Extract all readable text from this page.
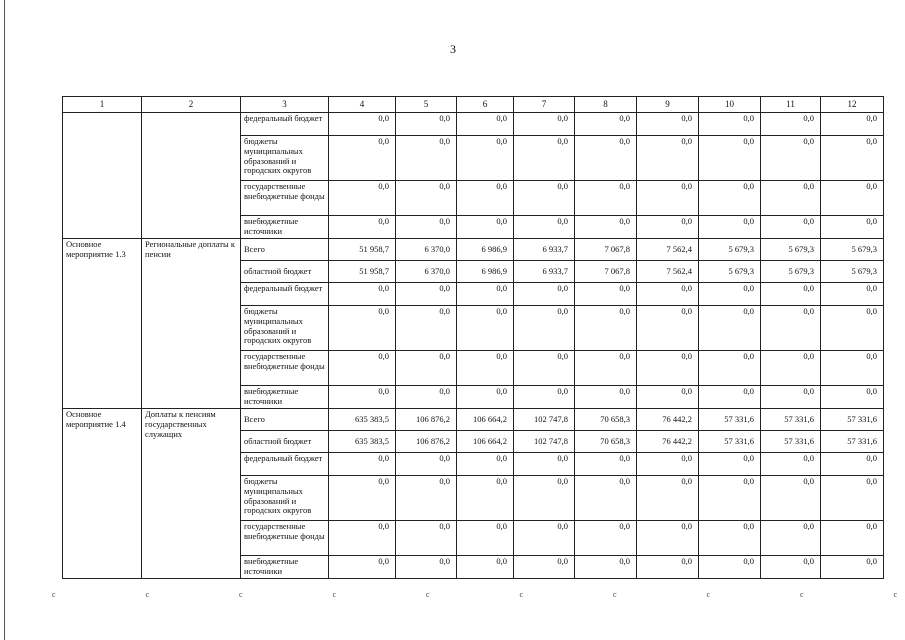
3
1	2	3	4	5	6	7	8	9	10	11	12
		федеральный бюджет	0,0	0,0	0,0	0,0	0,0	0,0	0,0	0,0	0,0
		бюджеты муниципальных образований и городских округов	0,0	0,0	0,0	0,0	0,0	0,0	0,0	0,0	0,0
		государственные внебюджетные фонды	0,0	0,0	0,0	0,0	0,0	0,0	0,0	0,0	0,0
		внебюджетные источники	0,0	0,0	0,0	0,0	0,0	0,0	0,0	0,0	0,0
Основное мероприятие 1.3	Региональные доплаты к пенсии	Всего	51 958,7	6 370,0	6 986,9	6 933,7	7 067,8	7 562,4	5 679,3	5 679,3	5 679,3
		областной бюджет	51 958,7	6 370,0	6 986,9	6 933,7	7 067,8	7 562,4	5 679,3	5 679,3	5 679,3
		федеральный бюджет	0,0	0,0	0,0	0,0	0,0	0,0	0,0	0,0	0,0
		бюджеты муниципальных образований и городских округов	0,0	0,0	0,0	0,0	0,0	0,0	0,0	0,0	0,0
		государственные внебюджетные фонды	0,0	0,0	0,0	0,0	0,0	0,0	0,0	0,0	0,0
		внебюджетные источники	0,0	0,0	0,0	0,0	0,0	0,0	0,0	0,0	0,0
Основное мероприятие 1.4	Доплаты к пенсиям государственных служащих	Всего	635 383,5	106 876,2	106 664,2	102 747,8	70 658,3	76 442,2	57 331,6	57 331,6	57 331,6
		областной бюджет	635 383,5	106 876,2	106 664,2	102 747,8	70 658,3	76 442,2	57 331,6	57 331,6	57 331,6
		федеральный бюджет	0,0	0,0	0,0	0,0	0,0	0,0	0,0	0,0	0,0
		бюджеты муниципальных образований и городских округов	0,0	0,0	0,0	0,0	0,0	0,0	0,0	0,0	0,0
		государственные внебюджетные фонды	0,0	0,0	0,0	0,0	0,0	0,0	0,0	0,0	0,0
		внебюджетные источники	0,0	0,0	0,0	0,0	0,0	0,0	0,0	0,0	0,0
c	c	c	c	c	c	c	c	c	c
